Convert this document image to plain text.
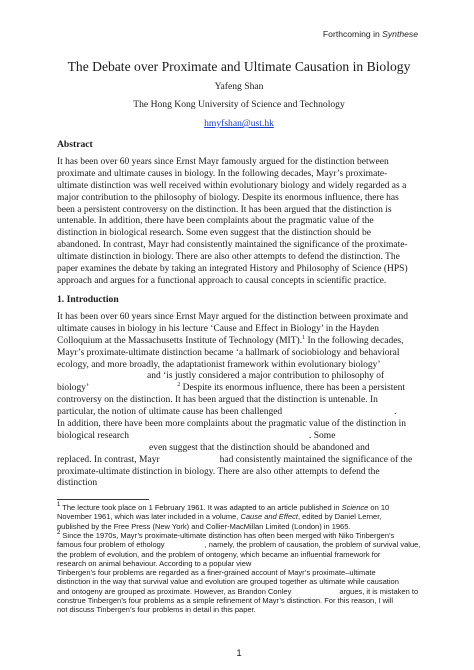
Forthcoming in Synthese
The Debate over Proximate and Ultimate Causation in Biology
Yafeng Shan
The Hong Kong University of Science and Technology
hmyfshan@ust.hk
Abstract
It has been over 60 years since Ernst Mayr famously argued for the distinction between
proximate and ultimate causes in biology. In the following decades, Mayr’s proximate-
ultimate distinction was well received within evolutionary biology and widely regarded as a
major contribution to the philosophy of biology. Despite its enormous influence, there has
been a persistent controversy on the distinction. It has been argued that the distinction is
untenable. In addition, there have been complaints about the pragmatic value of the
distinction in biological research. Some even suggest that the distinction should be
abandoned. In contrast, Mayr had consistently maintained the significance of the proximate-
ultimate distinction in biology. There are also other attempts to defend the distinction. The
paper examines the debate by taking an integrated History and Philosophy of Science (HPS)
approach and argues for a functional approach to causal concepts in scientific practice.
1. Introduction
It has been over 60 years since Ernst Mayr argued for the distinction between proximate and
ultimate causes in biology in his lecture ‘Cause and Effect in Biology’ in the Hayden
Colloquium at the Massachusetts Institute of Technology (MIT).$^1$ In the following decades,
Mayr’s proximate-ultimate distinction became ‘a hallmark of sociobiology and behavioral
ecology, and more broadly, the adaptationist framework within evolutionary biology’
and ‘is justly considered a major contribution to philosophy of
biology’	$^2$ Despite its enormous influence, there has been a persistent
controversy on the distinction. It has been argued that the distinction is untenable. In
particular, the notion of ultimate cause has been challenged	.
In addition, there have been more complaints about the pragmatic value of the distinction in
biological research	. Some
even suggest that the distinction should be abandoned and
replaced. In contrast, Mayr	had consistently maintained the significance of the
proximate-ultimate distinction in biology. There are also other attempts to defend the
distinction
$^1$ The lecture took place on 1 February 1961. It was adapted to an article published in Science on 10
November 1961, which was later included in a volume, Cause and Effect, edited by Daniel Lerner,
published by the Free Press (New York) and Collier-MacMillan Limited (London) in 1965.
$^2$ Since the 1970s, Mayr’s proximate-ultimate distinction has often been merged with Niko Tinbergen’s
famous four problem of ethology	, namely, the problem of causation, the problem of survival value,
the problem of evolution, and the problem of ontogeny, which became an influential framework for
research on animal behaviour. According to a popular view
Tinbergen’s four problems are regarded as a finer-grained account of Mayr’s proximate–ultimate
distinction in the way that survival value and evolution are grouped together as ultimate while causation
and ontogeny are grouped as proximate. However, as Brandon Conley	argues, it is mistaken to
construe Tinbergen’s four problems as a simple refinement of Mayr’s distinction. For this reason, I will
not discuss Tinbergen’s four problems in detail in this paper.
1
